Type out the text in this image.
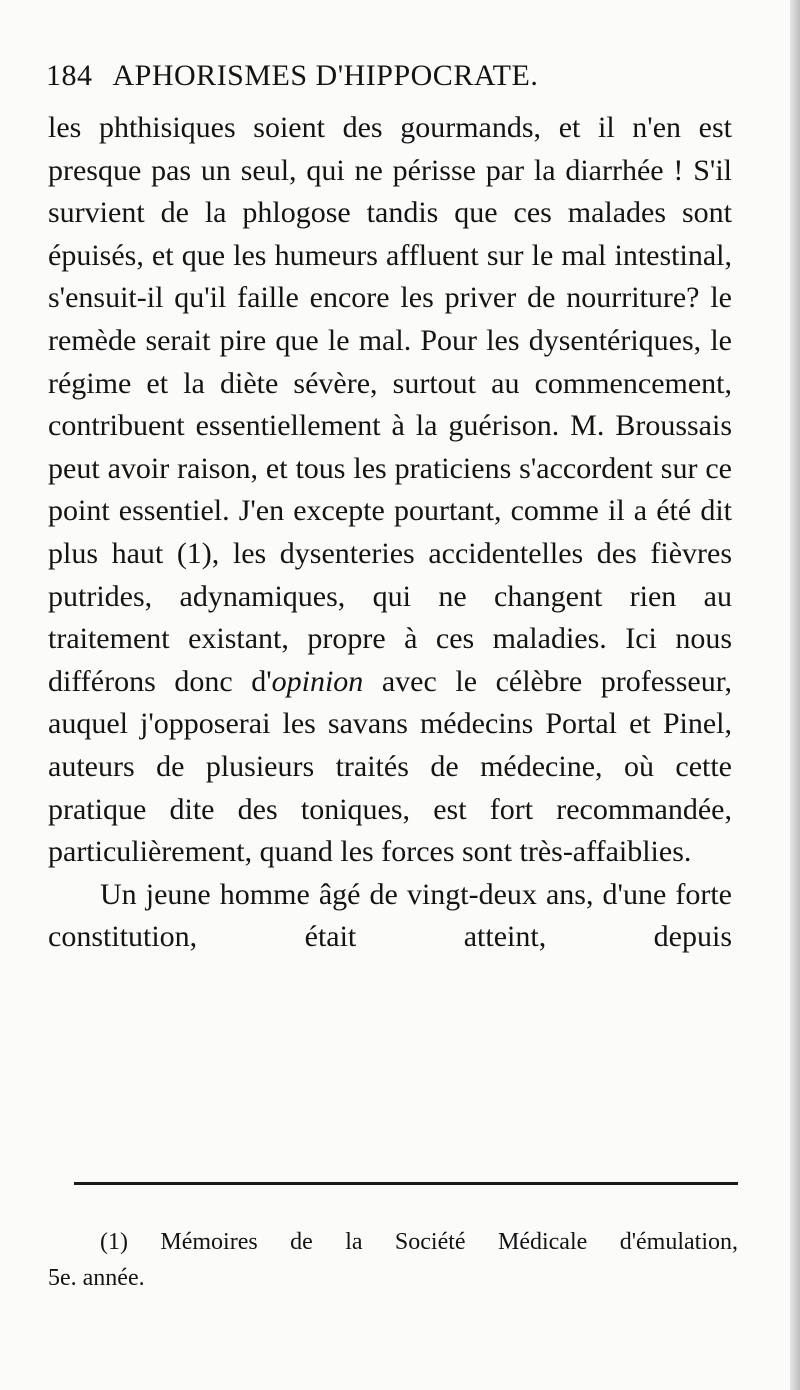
184 APHORISMES D'HIPPOCRATE.

les phthisiques soient des gourmands, et il n'en est presque pas un seul, qui ne périsse par la diarrhée ! S'il survient de la phlogose tandis que ces malades sont épuisés, et que les humeurs affluent sur le mal intestinal, s'ensuit-il qu'il faille encore les priver de nourriture? le remède serait pire que le mal. Pour les dysentériques, le régime et la diète sévère, surtout au commencement, contribuent essentiellement à la guérison. M. Broussais peut avoir raison, et tous les praticiens s'accordent sur ce point essentiel. J'en excepte pourtant, comme il a été dit plus haut (1), les dysenteries accidentelles des fièvres putrides, adynamiques, qui ne changent rien au traitement existant, propre à ces maladies. Ici nous différons donc d'opinion avec le célèbre professeur, auquel j'opposerai les savans médecins Portal et Pinel, auteurs de plusieurs traités de médecine, où cette pratique dite des toniques, est fort recommandée, particulièrement, quand les forces sont très-affaiblies.

Un jeune homme âgé de vingt-deux ans, d'une forte constitution, était atteint, depuis

(1) Mémoires de la Société Médicale d'émulation,

5e. année.
